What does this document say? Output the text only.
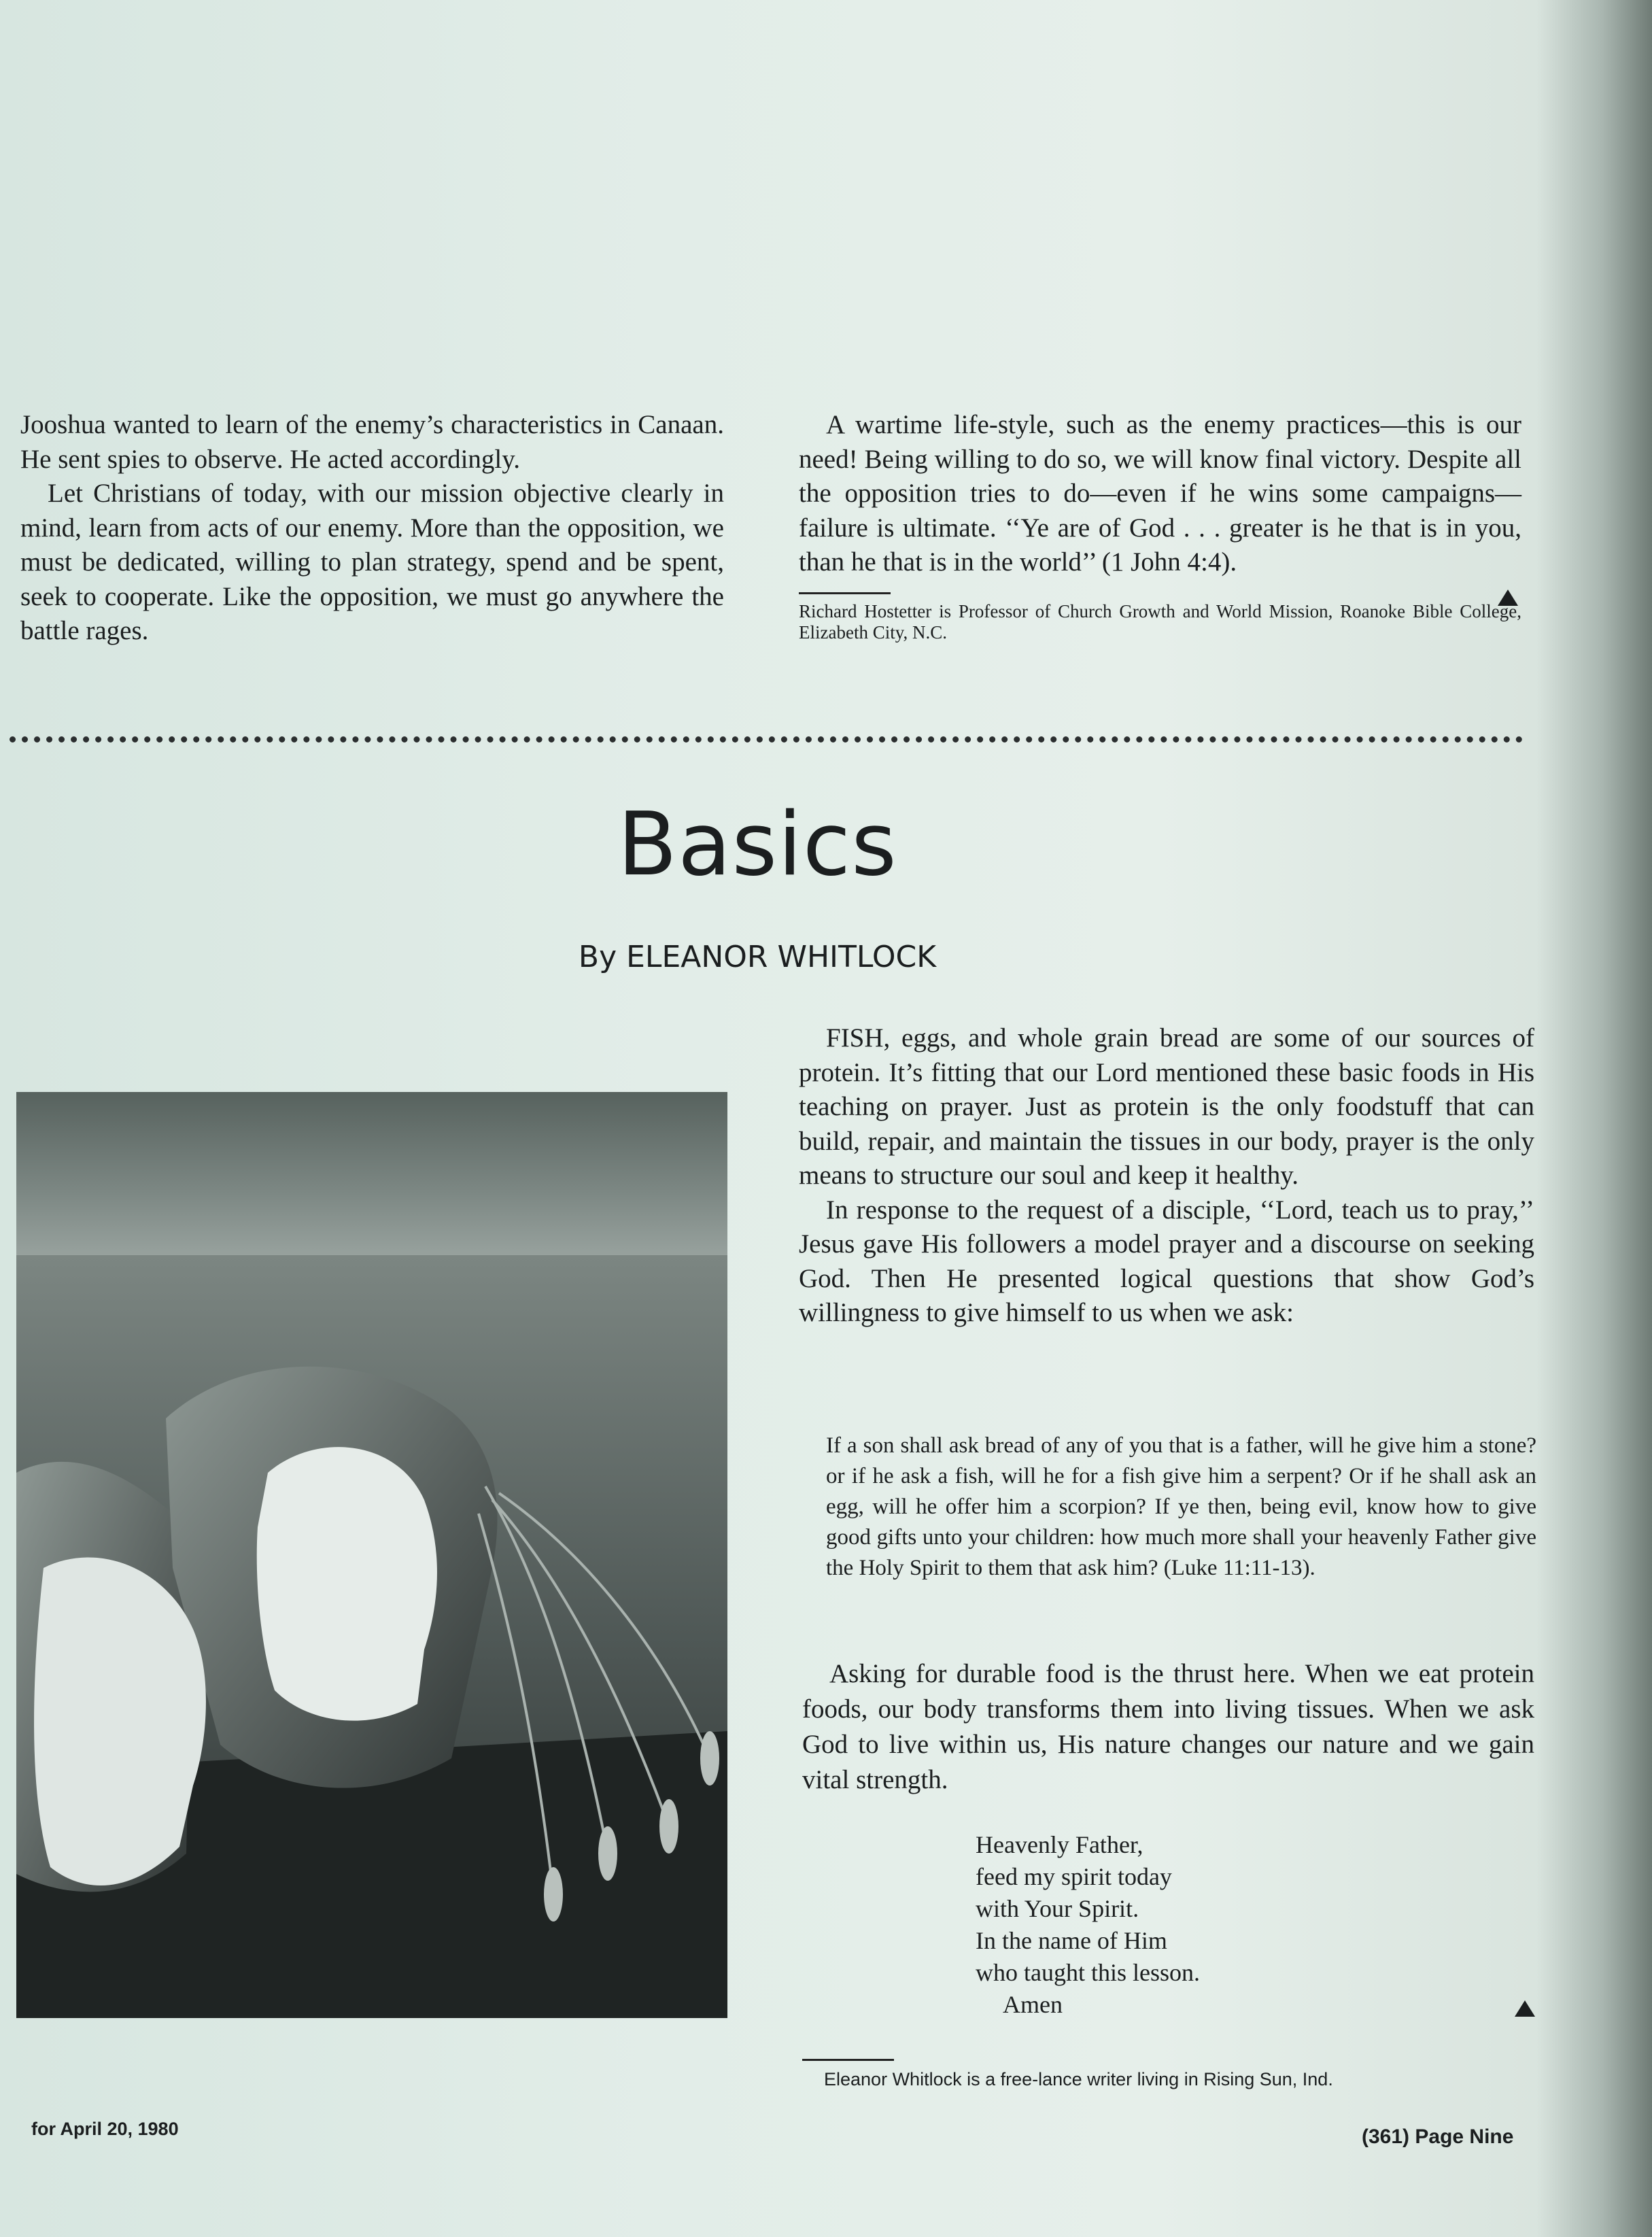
Jooshua wanted to learn of the enemy’s characteristics in Canaan. He sent spies to observe. He acted accordingly.

Let Christians of today, with our mission objective clearly in mind, learn from acts of our enemy. More than the opposition, we must be dedicated, willing to plan strategy, spend and be spent, seek to cooperate. Like the opposition, we must go anywhere the battle rages.

A wartime life-style, such as the enemy practices—this is our need! Being willing to do so, we will know final victory. Despite all the opposition tries to do—even if he wins some campaigns—failure is ultimate. ‘‘Ye are of God . . . greater is he that is in you, than he that is in the world’’ (1 John 4:4).

Richard Hostetter is Professor of Church Growth and World Mission, Roanoke Bible College, Elizabeth City, N.C.

Basics
By ELEANOR WHITLOCK

FISH, eggs, and whole grain bread are some of our sources of protein. It’s fitting that our Lord mentioned these basic foods in His teaching on prayer. Just as protein is the only foodstuff that can build, repair, and maintain the tissues in our body, prayer is the only means to structure our soul and keep it healthy.

In response to the request of a disciple, ‘‘Lord, teach us to pray,’’ Jesus gave His followers a model prayer and a discourse on seeking God. Then He presented logical questions that show God’s willingness to give himself to us when we ask:

If a son shall ask bread of any of you that is a father, will he give him a stone? or if he ask a fish, will he for a fish give him a serpent? Or if he shall ask an egg, will he offer him a scorpion? If ye then, being evil, know how to give good gifts unto your children: how much more shall your heavenly Father give the Holy Spirit to them that ask him? (Luke 11:11-13).
Asking for durable food is the thrust here. When we eat protein foods, our body transforms them into living tissues. When we ask God to live within us, His nature changes our nature and we gain vital strength.
Heavenly Father,
feed my spirit today
with Your Spirit.
In the name of Him
who taught this lesson.
Amen
Eleanor Whitlock is a free-lance writer living in Rising Sun, Ind.
for April 20, 1980	(361) Page Nine
